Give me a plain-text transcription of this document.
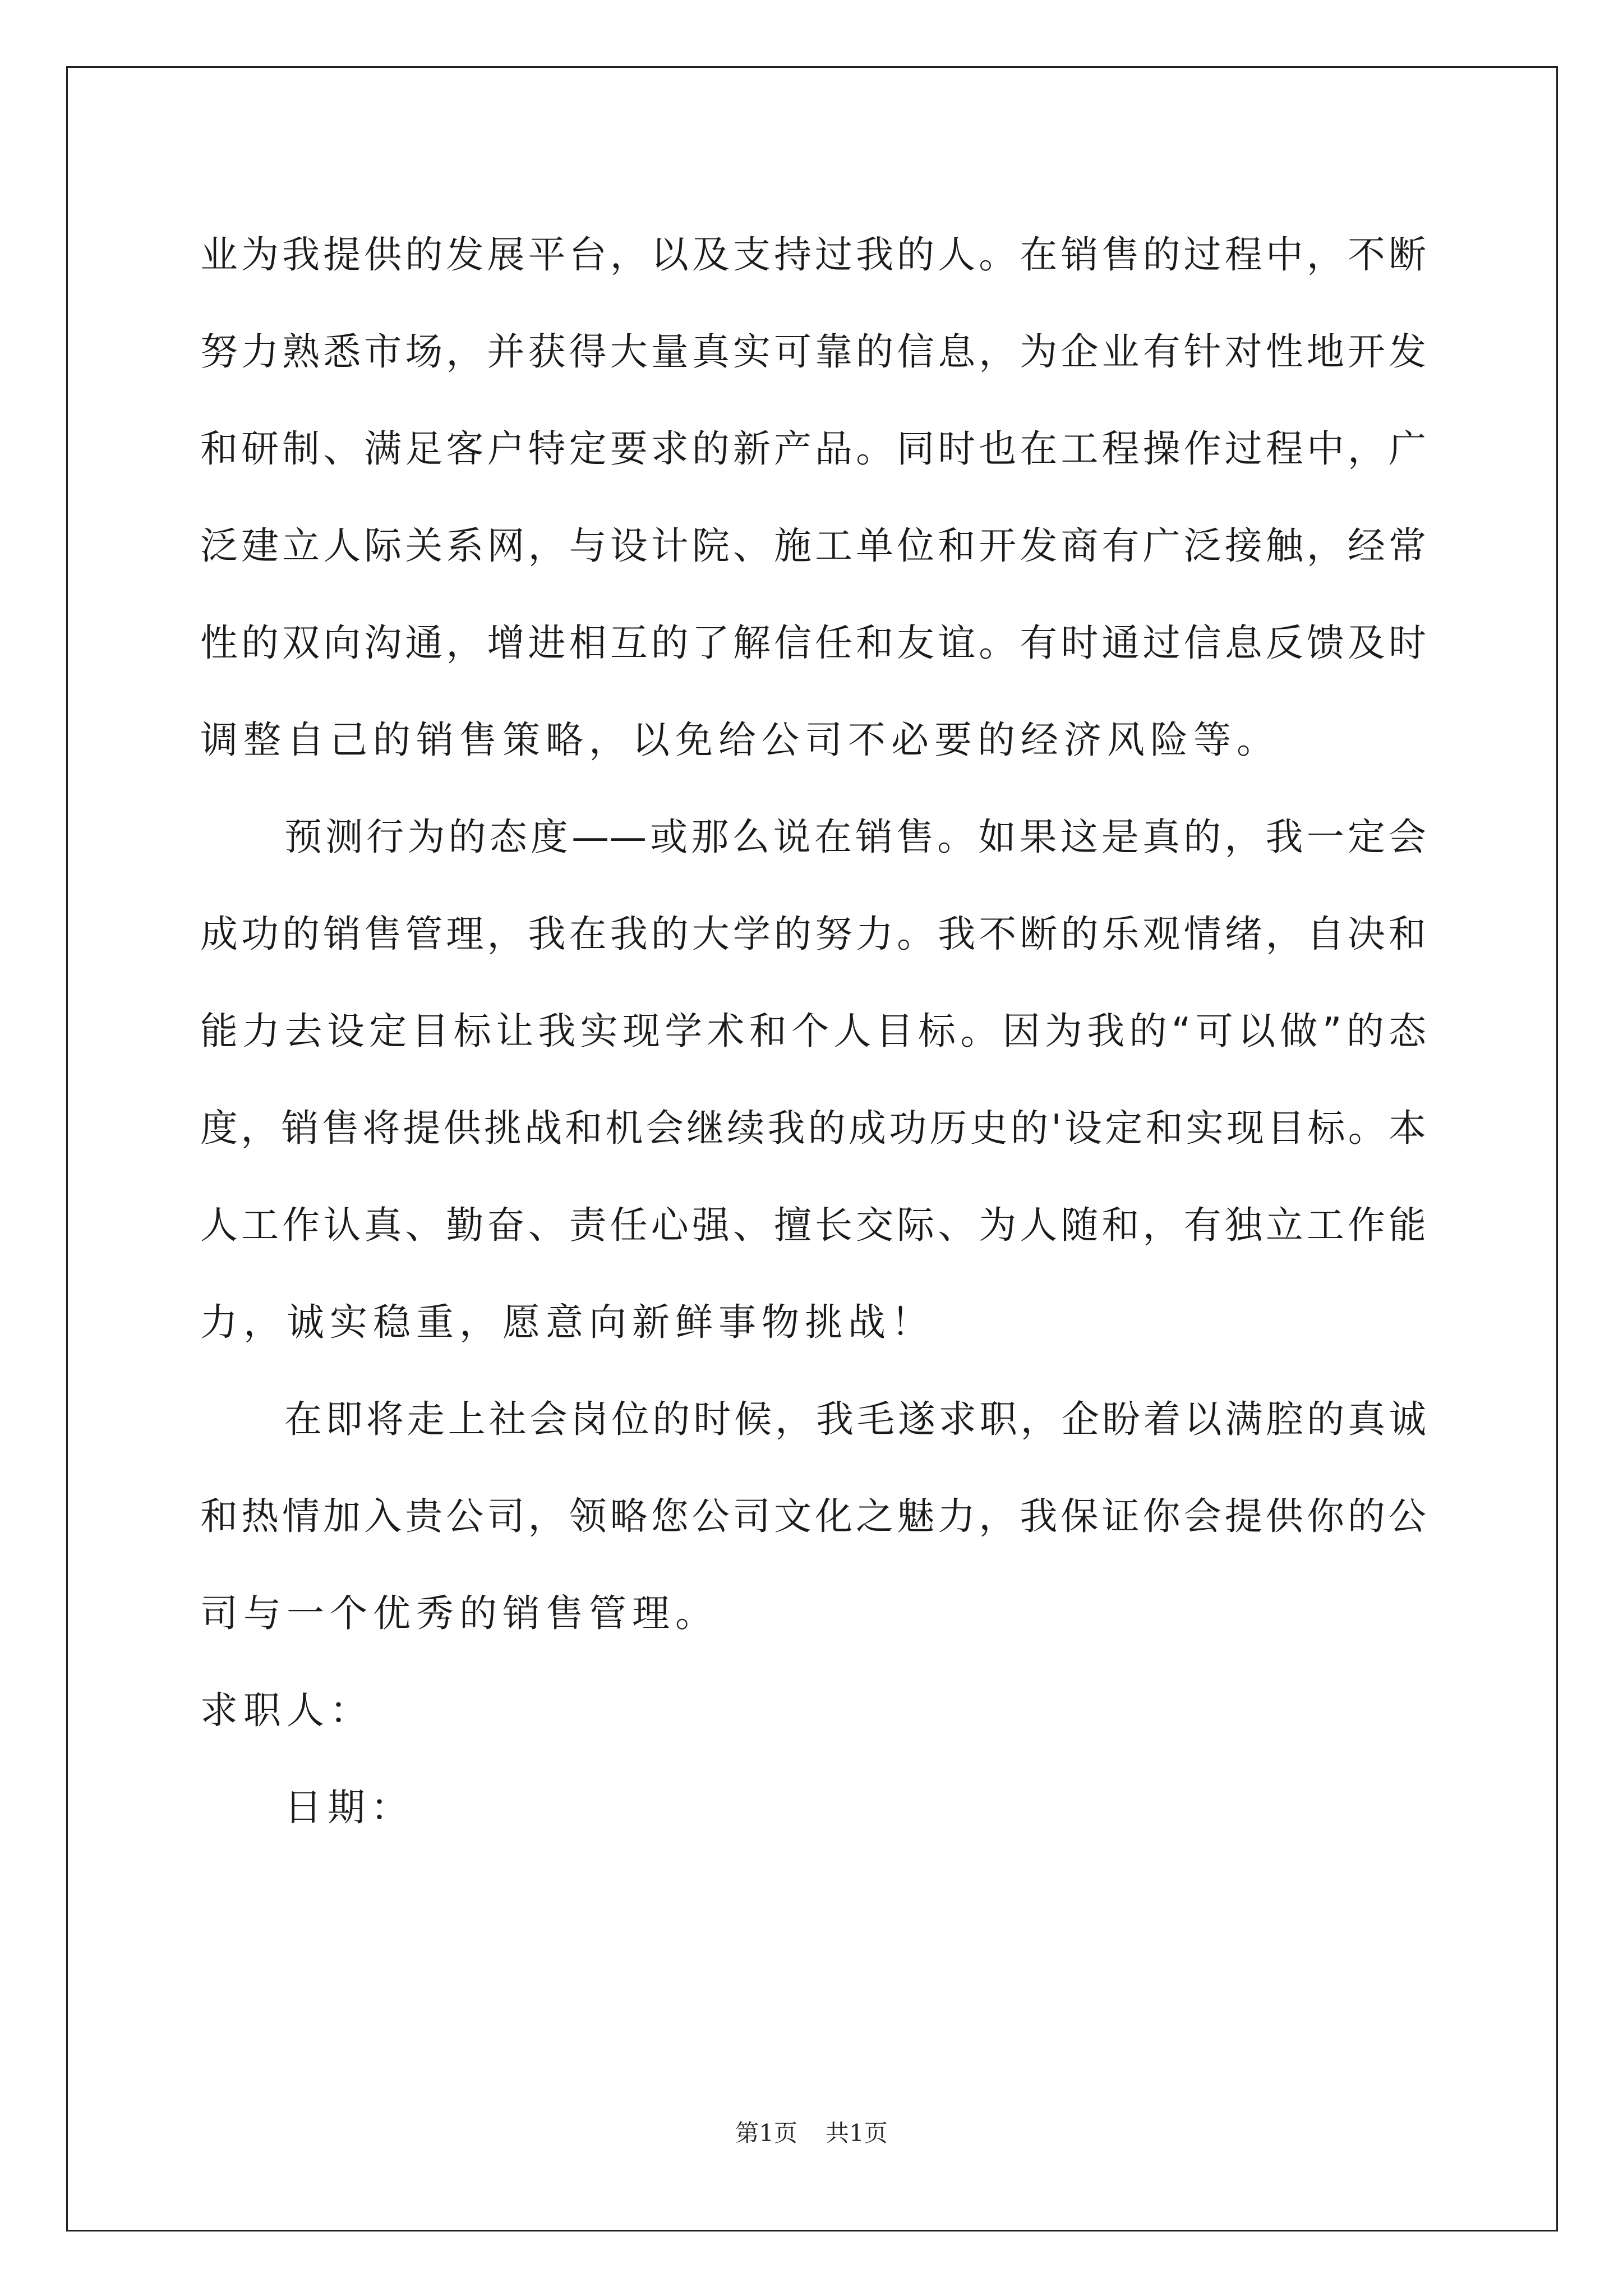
业为我提供的发展平台，以及支持过我的人。在销售的过程中，不断
努力熟悉市场，并获得大量真实可靠的信息，为企业有针对性地开发
和研制、满足客户特定要求的新产品。同时也在工程操作过程中，广
泛建立人际关系网，与设计院、施工单位和开发商有广泛接触，经常
性的双向沟通，增进相互的了解信任和友谊。有时通过信息反馈及时
调整自己的销售策略，以免给公司不必要的经济风险等。
预测行为的态度——或那么说在销售。如果这是真的，我一定会
成功的销售管理，我在我的大学的努力。我不断的乐观情绪，自决和
能力去设定目标让我实现学术和个人目标。因为我的“可以做”的态
度，销售将提供挑战和机会继续我的成功历史的'设定和实现目标。本
人工作认真、勤奋、责任心强、擅长交际、为人随和，有独立工作能
力，诚实稳重，愿意向新鲜事物挑战！
在即将走上社会岗位的时候，我毛遂求职，企盼着以满腔的真诚
和热情加入贵公司，领略您公司文化之魅力，我保证你会提供你的公
司与一个优秀的销售管理。
求职人：
日期：
第1页 共1页
